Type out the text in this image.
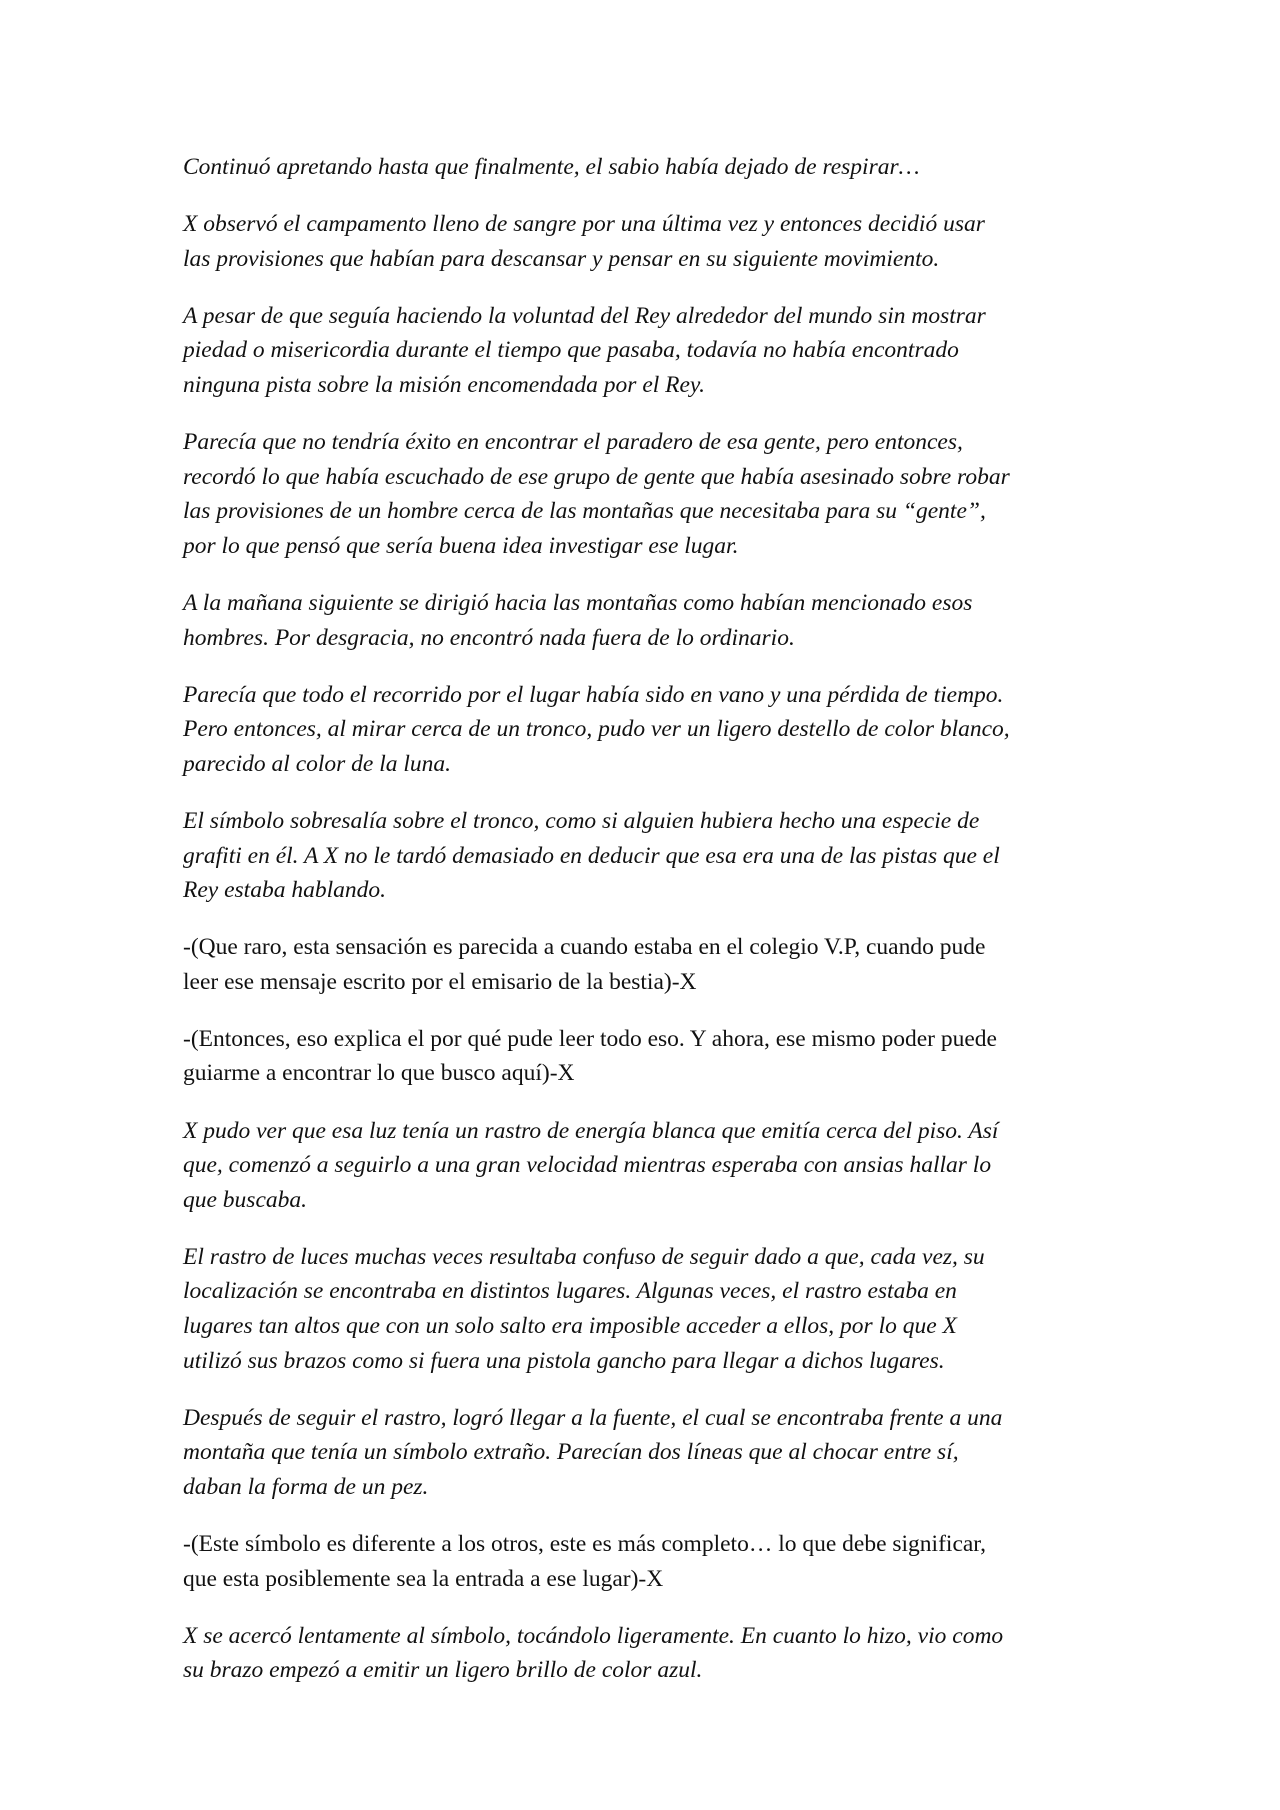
Continuó apretando hasta que finalmente, el sabio había dejado de respirar…

X observó el campamento lleno de sangre por una última vez y entonces decidió usar
las provisiones que habían para descansar y pensar en su siguiente movimiento.

A pesar de que seguía haciendo la voluntad del Rey alrededor del mundo sin mostrar
piedad o misericordia durante el tiempo que pasaba, todavía no había encontrado
ninguna pista sobre la misión encomendada por el Rey.

Parecía que no tendría éxito en encontrar el paradero de esa gente, pero entonces,
recordó lo que había escuchado de ese grupo de gente que había asesinado sobre robar
las provisiones de un hombre cerca de las montañas que necesitaba para su “gente”,
por lo que pensó que sería buena idea investigar ese lugar.

A la mañana siguiente se dirigió hacia las montañas como habían mencionado esos
hombres. Por desgracia, no encontró nada fuera de lo ordinario.

Parecía que todo el recorrido por el lugar había sido en vano y una pérdida de tiempo.
Pero entonces, al mirar cerca de un tronco, pudo ver un ligero destello de color blanco,
parecido al color de la luna.

El símbolo sobresalía sobre el tronco, como si alguien hubiera hecho una especie de
grafiti en él. A X no le tardó demasiado en deducir que esa era una de las pistas que el
Rey estaba hablando.

-(Que raro, esta sensación es parecida a cuando estaba en el colegio V.P, cuando pude
leer ese mensaje escrito por el emisario de la bestia)-X

-(Entonces, eso explica el por qué pude leer todo eso. Y ahora, ese mismo poder puede
guiarme a encontrar lo que busco aquí)-X

X pudo ver que esa luz tenía un rastro de energía blanca que emitía cerca del piso. Así
que, comenzó a seguirlo a una gran velocidad mientras esperaba con ansias hallar lo
que buscaba.

El rastro de luces muchas veces resultaba confuso de seguir dado a que, cada vez, su
localización se encontraba en distintos lugares. Algunas veces, el rastro estaba en
lugares tan altos que con un solo salto era imposible acceder a ellos, por lo que X
utilizó sus brazos como si fuera una pistola gancho para llegar a dichos lugares.

Después de seguir el rastro, logró llegar a la fuente, el cual se encontraba frente a una
montaña que tenía un símbolo extraño. Parecían dos líneas que al chocar entre sí,
daban la forma de un pez.

-(Este símbolo es diferente a los otros, este es más completo… lo que debe significar,
que esta posiblemente sea la entrada a ese lugar)-X

X se acercó lentamente al símbolo, tocándolo ligeramente. En cuanto lo hizo, vio como
su brazo empezó a emitir un ligero brillo de color azul.
